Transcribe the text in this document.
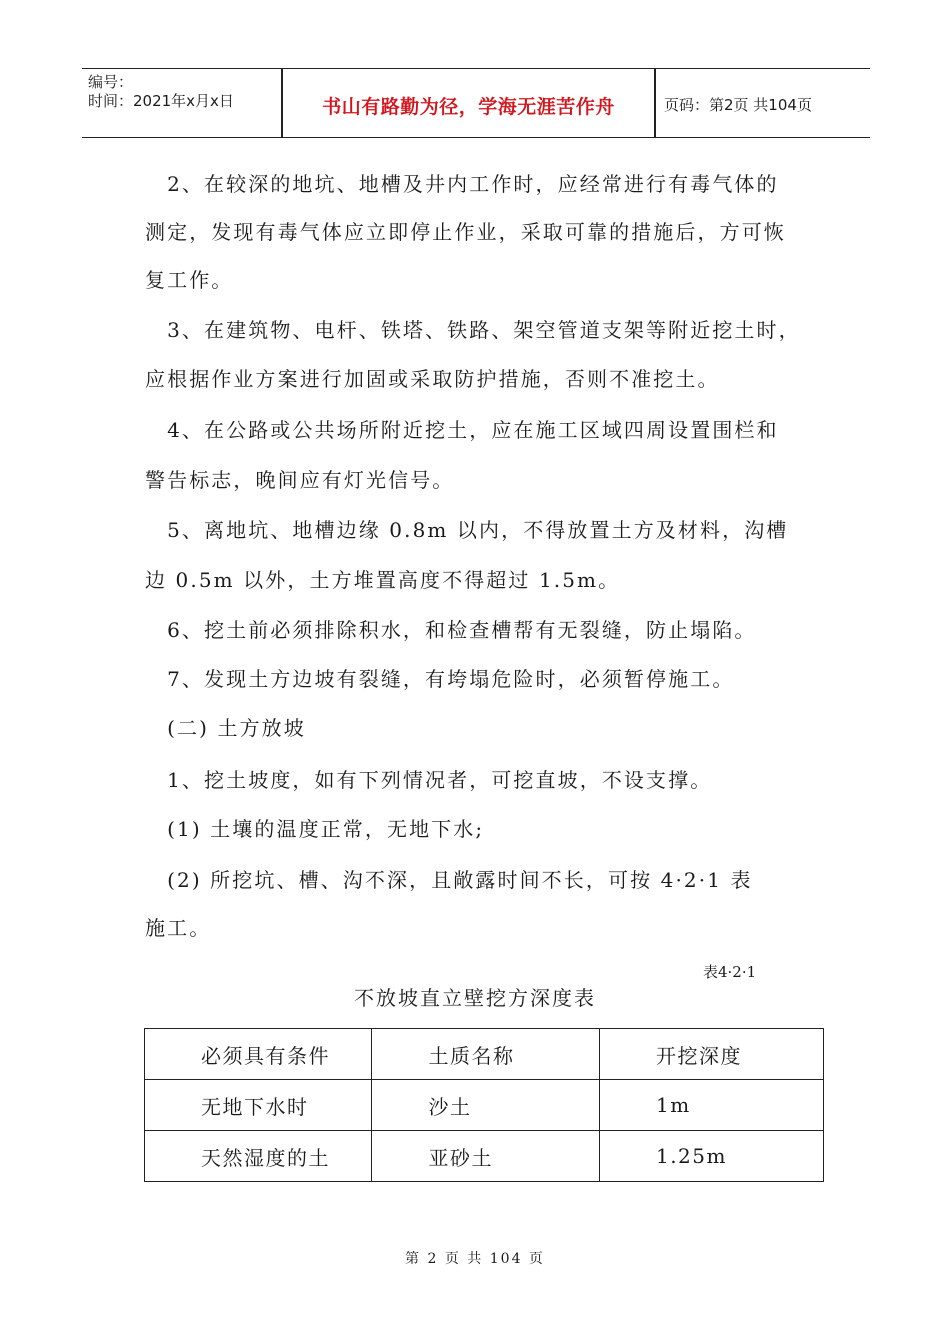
编号：
时间：2021年x月x日	书山有路勤为径，学海无涯苦作舟	页码：第2页 共104页

　2、在较深的地坑、地槽及井内工作时，应经常进行有毒气体的

测定，发现有毒气体应立即停止作业，采取可靠的措施后，方可恢

复工作。

　3、在建筑物、电杆、铁塔、铁路、架空管道支架等附近挖土时，

应根据作业方案进行加固或采取防护措施，否则不准挖土。

　4、在公路或公共场所附近挖土，应在施工区域四周设置围栏和

警告标志，晚间应有灯光信号。

　5、离地坑、地槽边缘 0.8m 以内，不得放置土方及材料，沟槽

边 0.5m 以外，土方堆置高度不得超过 1.5m。

　6、挖土前必须排除积水，和检查槽帮有无裂缝，防止塌陷。

　7、发现土方边坡有裂缝，有垮塌危险时，必须暂停施工。

　(二) 土方放坡

　1、挖土坡度，如有下列情况者，可挖直坡，不设支撑。

　(1) 土壤的温度正常，无地下水;

　(2) 所挖坑、槽、沟不深，且敞露时间不长，可按 4·2·1 表

施工。

表4·2·1
不放坡直立壁挖方深度表
必须具有条件	土质名称	开挖深度
无地下水时	沙土	1m
天然湿度的土	亚砂土	1.25m
第 2 页 共 104 页
